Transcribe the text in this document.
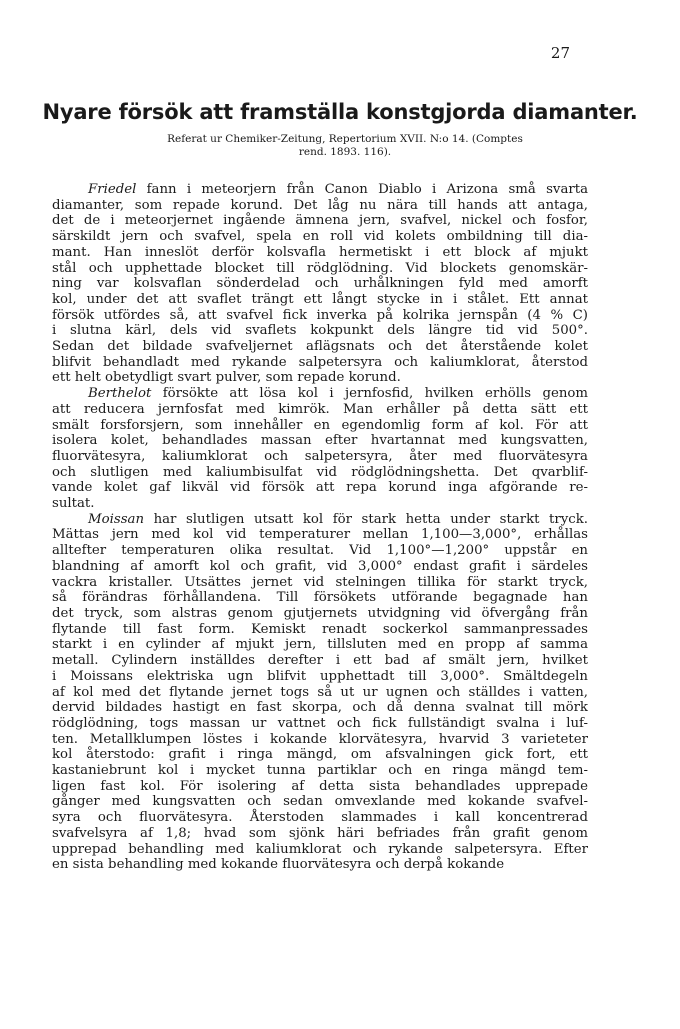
27
Nyare försök att framställa konstgjorda diamanter.
Referat ur Chemiker-Zeitung, Repertorium XVII. N:o 14. (Comptes
rend. 1893. 116).
Friedel fann i meteorjern från Canon Diablo i Arizona små svarta
diamanter, som repade korund. Det låg nu nära till hands att antaga,
det de i meteorjernet ingående ämnena jern, svafvel, nickel och fosfor,
särskildt jern och svafvel, spela en roll vid kolets ombildning till dia-
mant. Han inneslöt derför kolsvafla hermetiskt i ett block af mjukt
stål och upphettade blocket till rödglödning. Vid blockets genomskär-
ning var kolsvaflan sönderdelad och urhålkningen fyld med amorft
kol, under det att svaflet trängt ett långt stycke in i stålet. Ett annat
försök utfördes så, att svafvel fick inverka på kolrika jernspån (4 % C)
i slutna kärl, dels vid svaflets kokpunkt dels längre tid vid 500°.
Sedan det bildade svafveljernet aflägsnats och det återstående kolet
blifvit behandladt med rykande salpetersyra och kaliumklorat, återstod
ett helt obetydligt svart pulver, som repade korund.
Berthelot försökte att lösa kol i jernfosfid, hvilken erhölls genom
att reducera jernfosfat med kimrök. Man erhåller på detta sätt ett
smält forsforsjern, som innehåller en egendomlig form af kol. För att
isolera kolet, behandlades massan efter hvartannat med kungsvatten,
fluorvätesyra, kaliumklorat och salpetersyra, åter med fluorvätesyra
och slutligen med kaliumbisulfat vid rödglödningshetta. Det qvarblif-
vande kolet gaf likväl vid försök att repa korund inga afgörande re-
sultat.
Moissan har slutligen utsatt kol för stark hetta under starkt tryck.
Mättas jern med kol vid temperaturer mellan 1,100—3,000°, erhållas
alltefter temperaturen olika resultat. Vid 1,100°—1,200° uppstår en
blandning af amorft kol och grafit, vid 3,000° endast grafit i särdeles
vackra kristaller. Utsättes jernet vid stelningen tillika för starkt tryck,
så förändras förhållandena. Till försökets utförande begagnade han
det tryck, som alstras genom gjutjernets utvidgning vid öfvergång från
flytande till fast form. Kemiskt renadt sockerkol sammanpressades
starkt i en cylinder af mjukt jern, tillsluten med en propp af samma
metall. Cylindern inställdes derefter i ett bad af smält jern, hvilket
i Moissans elektriska ugn blifvit upphettadt till 3,000°. Smältdegeln
af kol med det flytande jernet togs så ut ur ugnen och ställdes i vatten,
dervid bildades hastigt en fast skorpa, och då denna svalnat till mörk
rödglödning, togs massan ur vattnet och fick fullständigt svalna i luf-
ten. Metallklumpen löstes i kokande klorvätesyra, hvarvid 3 varieteter
kol återstodo: grafit i ringa mängd, om afsvalningen gick fort, ett
kastaniebrunt kol i mycket tunna partiklar och en ringa mängd tem-
ligen fast kol. För isolering af detta sista behandlades upprepade
gånger med kungsvatten och sedan omvexlande med kokande svafvel-
syra och fluorvätesyra. Återstoden slammades i kall koncentrerad
svafvelsyra af 1,8; hvad som sjönk häri befriades från grafit genom
upprepad behandling med kaliumklorat och rykande salpetersyra. Efter
en sista behandling med kokande fluorvätesyra och derpå kokande
